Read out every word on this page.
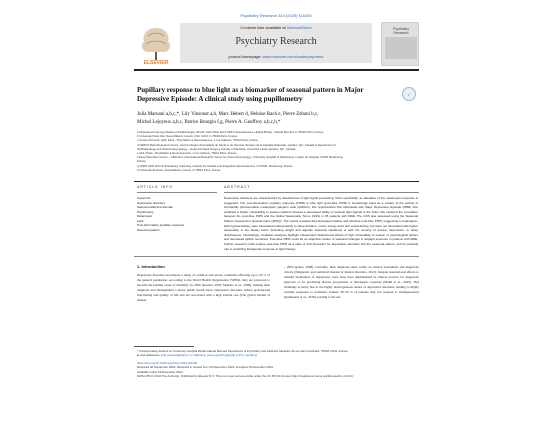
Psychiatry Research 344 (2025) 116330
ELSEVIER
Contents lists available at ScienceDirect
Psychiatry Research
journal homepage: www.elsevier.com/locate/psychres
Psychiatry Research
Pupillary response to blue light as a biomarker of seasonal pattern in Major Depressive Episode: A clinical study using pupillometry
✓
Julia Maruani a,b,c,*, Lily Vinsonat a,b, Marc Hebert d, Heloise Rach e, Pierre Zebani b,c,
Michel Lejoyeux a,b,c, Patrice Bourgin f,g, Pierre A. Geoffroy a,b,c,h,*
a Département de psychiatrie et d'addictologie, AP-HP, GHU Paris Nord, DMU Neurosciences, Hôpital Bichat - Claude Bernard, F-75018 Paris, France
b Université Paris Cité, NeuroDiderot, Inserm, FHU I2-D2, F-75019 Paris, France
c Centre ChronoS, GHU Paris - Psychiatrie & Neurosciences, 1 rue Cabanis, 75014 Paris, France
d CERVO Brain Research Centre, Centre Intégré Universitaire de Santé et de Services Sociaux de la Capitale-Nationale, Québec, QC, Canada & Department of
Ophthalmology and Otorhinolaryngology – Head and Neck Surgery, Faculty of Medicine, Université Laval, Québec, QC, Canada
e GHU Paris - Psychiatrie & Neurosciences, 1 rue Cabanis, 75014 Paris, France
f Sleep Disorders Center – CIRCSom (International Research Center for ChronoSomnology), University Hospital of Strasbourg, 1 place de l'Hopital, 67000 Strasbourg,
France
g CNRS UPR 3212 & Strasbourg University, Institute for Cellular and Integrative Neurosciences, F-67000, Strasbourg, France
h Université de Paris, NeuroDiderot, Inserm, F-75019 Paris, France
ARTICLE INFO	ABSTRACT
Keywords:
Depressive disorders
Seasonal affective disorder
Pupillometry
Melanopsin
Light
Post-illumination pupillary response
Seasonal pattern
Depressive disorders are characterized by disturbances in light signal processing. More specifically, an alteration of the melanopsin response is suggested. The post-illumination pupillary response (PIPR) to blue light (post-blue PIPR) is increasingly used as a marker of the activity of intrinsically photosensitive melanopsin ganglion cells (ipRGCs). We hypothesized that individuals with Major Depressive Episode (MDE) who exhibited a higher vulnerability to season patterns showed a decreased ability to transmit light signals to the brain. We explored the correlation between the post-blue PIPR and the Global Seasonality Score (GSS) in 25 patients with MDE. The GSS was assessed using the Seasonal Pattern Assessment Questionnaire (SPAQ). The results revealed that decreased relative and absolute post-blue PIPR, suggesting a melanopsin-light hyposensitivity, were associated independently to sleep duration, mood, energy level and social activity, but were not associated with higher seasonality in the dietary factor (including weight and appetite seasonal variations) or with the severity of anxiety, depression, or sleep disturbances. Interestingly, mediation analyses highlight independent bidirectional effects of high vulnerability to season of psychological factors and decreased ipRGC sensitivity. Post-blue PIPR could be an objective marker of seasonal changes in daylight exposure in patients with MDE. Further research could explore post-blue PIPR as a state or trait biomarker for depressive disorders and the seasonal pattern, and its potential role in predicting therapeutic response to light therapy.
1. Introduction
Depressive disorders encompass a range of common and severe conditions affecting up to 20 % of the general population. According to the World Health Organization (WHO), they are projected to become the leading cause of disability by 2030 (Kessler, 2003; Mathers et al., 2006), making their diagnosis and management a major public health issue. Depressive disorders reduce professional functioning and quality of life and are associated with a high suicide rate (The global burden of disease
– 2004 update, 2008). Currently, their diagnosis relies solely on clinical assessment and diagnostic criteria (Diagnostic and statistical manual of mental disorders, 2013). Despite international efforts to identify biomarkers of depression, none have been implemented in clinical practice for diagnostic purposes or for predicting disease progression or therapeutic response (Malhi et al., 2020). This challenge is partly due to the highly heterogeneous nature of depressive disorders, leading to highly variable responses to treatment. Indeed, 30–50 % of patients may not respond to antidepressants (Kalmanesi et al., 2018), leading to the use
* Corresponding authors at: University Hospital Bichat-Claude Bernard Department of Psychiatry and Addictive Medicine 46 rue Henri Huchard, 75018, Paris, France.
E-mail addresses: julia.maruani@aphp.fr (J. Maruani), pierre.geoffroy@aphp.fr (P.A. Geoffroy).
https://doi.org/10.1016/j.psychres.2024.116330
Received 28 September 2024; Received in revised form 15 December 2024; Accepted 15 December 2024
Available online 19 December 2024
0165-1781/© 2024 The Author(s). Published by Elsevier B.V. This is an open access article under the CC BY-NC license (http://creativecommons.org/licenses/by-nc/4.0/).
